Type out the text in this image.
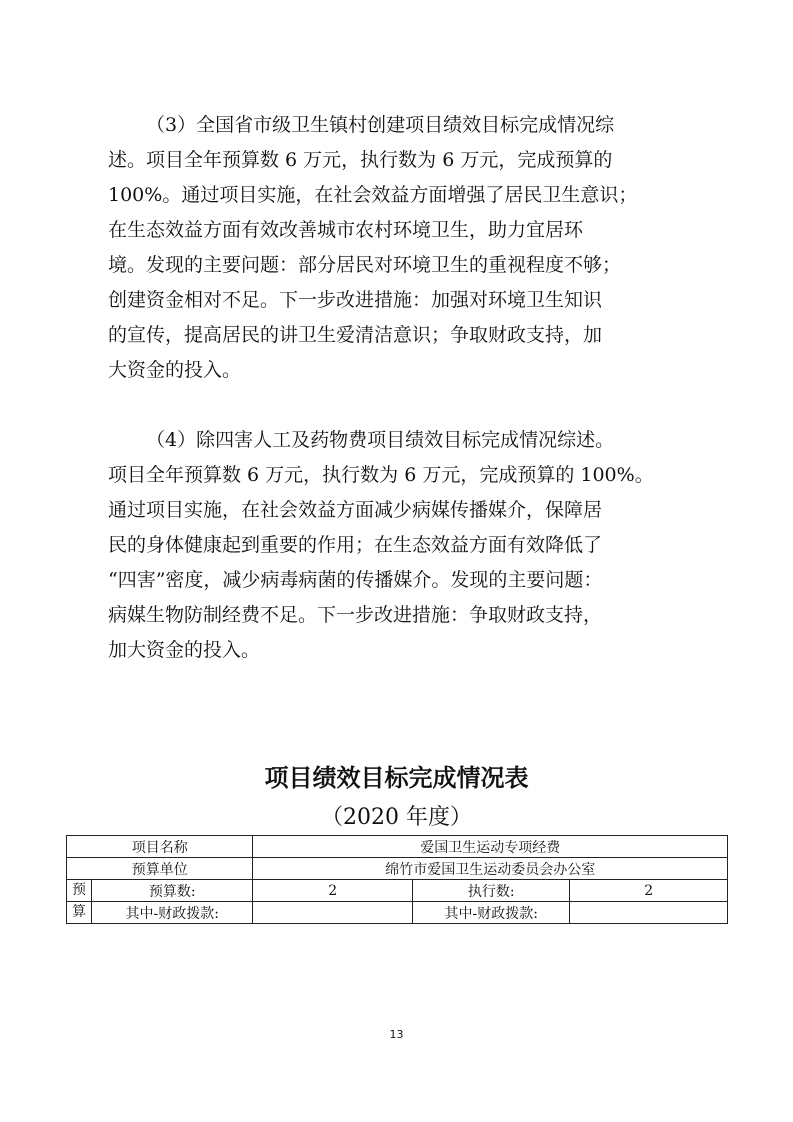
（3）全国省市级卫生镇村创建项目绩效目标完成情况综
述。项目全年预算数 6 万元，执行数为 6 万元，完成预算的
100%。通过项目实施，在社会效益方面增强了居民卫生意识；
在生态效益方面有效改善城市农村环境卫生，助力宜居环
境。发现的主要问题：部分居民对环境卫生的重视程度不够；
创建资金相对不足。下一步改进措施：加强对环境卫生知识
的宣传，提高居民的讲卫生爱清洁意识；争取财政支持，加
大资金的投入。
（4）除四害人工及药物费项目绩效目标完成情况综述。
项目全年预算数 6 万元，执行数为 6 万元，完成预算的 100%。
通过项目实施，在社会效益方面减少病媒传播媒介，保障居
民的身体健康起到重要的作用；在生态效益方面有效降低了
“四害”密度，减少病毒病菌的传播媒介。发现的主要问题：
病媒生物防制经费不足。下一步改进措施：争取财政支持，
加大资金的投入。
项目绩效目标完成情况表
（2020 年度）
项目名称		爱国卫生运动专项经费		
预算单位		绵竹市爱国卫生运动委员会办公室		
预	预算数:	2	执行数:	2
算	其中-财政拨款:		其中-财政拨款:	
13
